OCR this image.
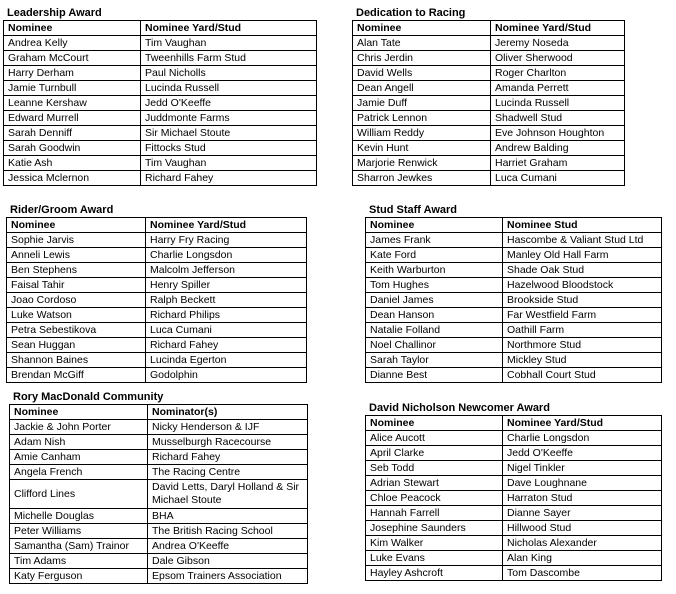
Leadership Award
Nominee	Nominee Yard/Stud
Andrea Kelly	Tim Vaughan
Graham McCourt	Tweenhills Farm Stud
Harry Derham	Paul Nicholls
Jamie Turnbull	Lucinda Russell
Leanne Kershaw	Jedd O'Keeffe
Edward Murrell	Juddmonte Farms
Sarah Denniff	Sir Michael Stoute
Sarah Goodwin	Fittocks Stud
Katie Ash	Tim Vaughan
Jessica Mclernon	Richard Fahey
Dedication to Racing
Nominee	Nominee Yard/Stud
Alan Tate	Jeremy Noseda
Chris Jerdin	Oliver Sherwood
David Wells	Roger Charlton
Dean Angell	Amanda Perrett
Jamie Duff	Lucinda Russell
Patrick Lennon	Shadwell Stud
William Reddy	Eve Johnson Houghton
Kevin Hunt	Andrew Balding
Marjorie Renwick	Harriet Graham
Sharron Jewkes	Luca Cumani
Rider/Groom Award
Nominee	Nominee Yard/Stud
Sophie Jarvis	Harry Fry Racing
Anneli Lewis	Charlie Longsdon
Ben Stephens	Malcolm Jefferson
Faisal Tahir	Henry Spiller
Joao Cordoso	Ralph Beckett
Luke Watson	Richard Philips
Petra Sebestikova	Luca Cumani
Sean Huggan	Richard Fahey
Shannon Baines	Lucinda Egerton
Brendan McGiff	Godolphin
Stud Staff Award
Nominee	Nominee Stud
James Frank	Hascombe & Valiant Stud Ltd
Kate Ford	Manley Old Hall Farm
Keith Warburton	Shade Oak Stud
Tom Hughes	Hazelwood Bloodstock
Daniel James	Brookside Stud
Dean Hanson	Far Westfield Farm
Natalie Folland	Oathill Farm
Noel Challinor	Northmore Stud
Sarah Taylor	Mickley Stud
Dianne Best	Cobhall Court Stud
Rory MacDonald Community
Nominee	Nominator(s)
Jackie & John Porter	Nicky Henderson & IJF
Adam Nish	Musselburgh Racecourse
Amie Canham	Richard Fahey
Angela French	The Racing Centre
Clifford Lines	David Letts, Daryl Holland & Sir Michael Stoute
Michelle Douglas	BHA
Peter Williams	The British Racing School
Samantha (Sam) Trainor	Andrea O'Keeffe
Tim Adams	Dale Gibson
Katy Ferguson	Epsom Trainers Association
David Nicholson Newcomer Award
Nominee	Nominee Yard/Stud
Alice Aucott	Charlie Longsdon
April Clarke	Jedd O'Keeffe
Seb Todd	Nigel Tinkler
Adrian Stewart	Dave Loughnane
Chloe Peacock	Harraton Stud
Hannah Farrell	Dianne Sayer
Josephine Saunders	Hillwood Stud
Kim Walker	Nicholas Alexander
Luke Evans	Alan King
Hayley Ashcroft	Tom Dascombe
